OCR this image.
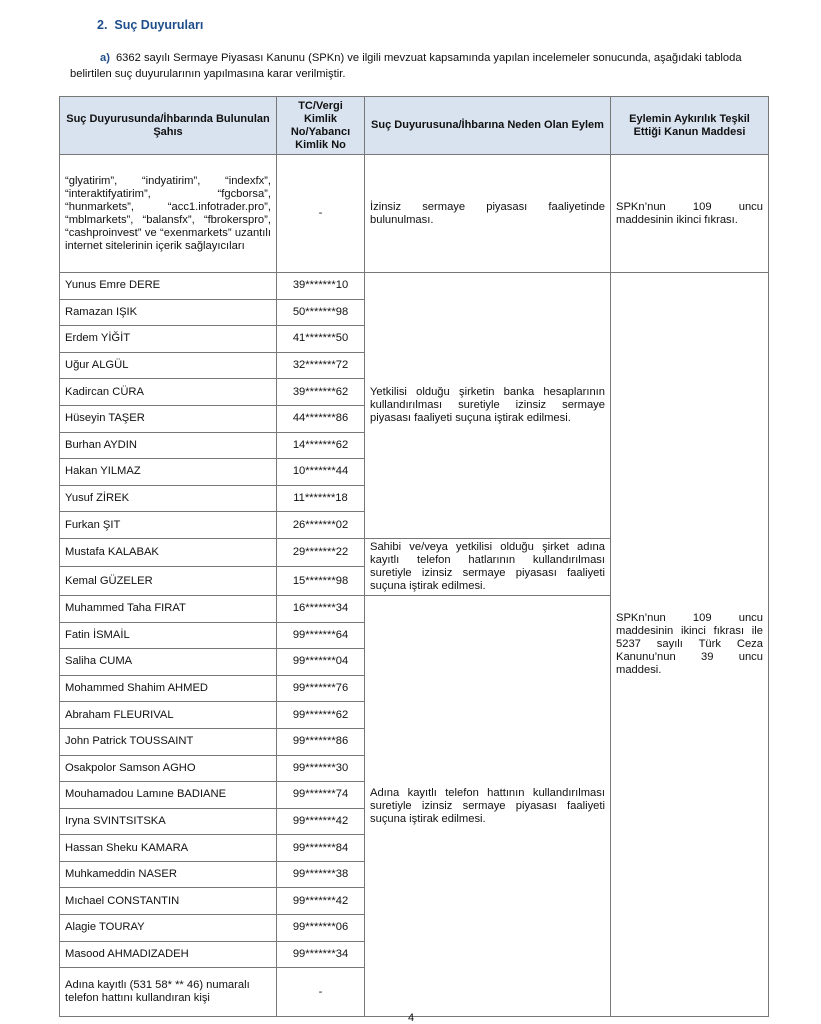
2. Suç Duyuruları
a) 6362 sayılı Sermaye Piyasası Kanunu (SPKn) ve ilgili mevzuat kapsamında yapılan incelemeler sonucunda, aşağıdaki tabloda belirtilen suç duyurularının yapılmasına karar verilmiştir.
Suç Duyurusunda/İhbarında Bulunulan Şahıs	TC/Vergi Kimlik No/Yabancı Kimlik No	Suç Duyurusuna/İhbarına Neden Olan Eylem	Eylemin Aykırılık Teşkil Ettiği Kanun Maddesi
“glyatirim”, “indyatirim”, “indexfx”, “interaktifyatirim”, “fgcborsa”, “hunmarkets”, “acc1.infotrader.pro”, “mblmarkets”, “balansfx”, “fbrokerspro”, “cashproinvest” ve “exenmarkets” uzantılı internet sitelerinin içerik sağlayıcıları	-	İzinsiz sermaye piyasası faaliyetinde bulunulması.	SPKn’nun 109 uncu maddesinin ikinci fıkrası.
Yunus Emre DERE	39*******10	Yetkilisi olduğu şirketin banka hesaplarının kullandırılması suretiyle izinsiz sermaye piyasası faaliyeti suçuna iştirak edilmesi.	SPKn’nun 109 uncu maddesinin ikinci fıkrası ile 5237 sayılı Türk Ceza Kanunu’nun 39 uncu maddesi.
Ramazan IŞIK	50*******98		
Erdem YİĞİT	41*******50		
Uğur ALGÜL	32*******72		
Kadircan CÜRA	39*******62		
Hüseyin TAŞER	44*******86		
Burhan AYDIN	14*******62		
Hakan YILMAZ	10*******44		
Yusuf ZİREK	11*******18		
Furkan ŞIT	26*******02		
Mustafa KALABAK	29*******22	Sahibi ve/veya yetkilisi olduğu şirket adına kayıtlı telefon hatlarının kullandırılması suretiyle izinsiz sermaye piyasası faaliyeti suçuna iştirak edilmesi.	
Kemal GÜZELER	15*******98		
Muhammed Taha FIRAT	16*******34	Adına kayıtlı telefon hattının kullandırılması suretiyle izinsiz sermaye piyasası faaliyeti suçuna iştirak edilmesi.	
Fatin İSMAİL	99*******64		
Saliha CUMA	99*******04		
Mohammed Shahim AHMED	99*******76		
Abraham FLEURIVAL	99*******62		
John Patrick TOUSSAINT	99*******86		
Osakpolor Samson AGHO	99*******30		
Mouhamadou Lamıne BADIANE	99*******74		
Iryna SVINTSITSKA	99*******42		
Hassan Sheku KAMARA	99*******84		
Muhkameddin NASER	99*******38		
Mıchael CONSTANTIN	99*******42		
Alagie TOURAY	99*******06		
Masood AHMADIZADEH	99*******34		
Adına kayıtlı (531 58* ** 46) numaralı telefon hattını kullandıran kişi	-		
4
